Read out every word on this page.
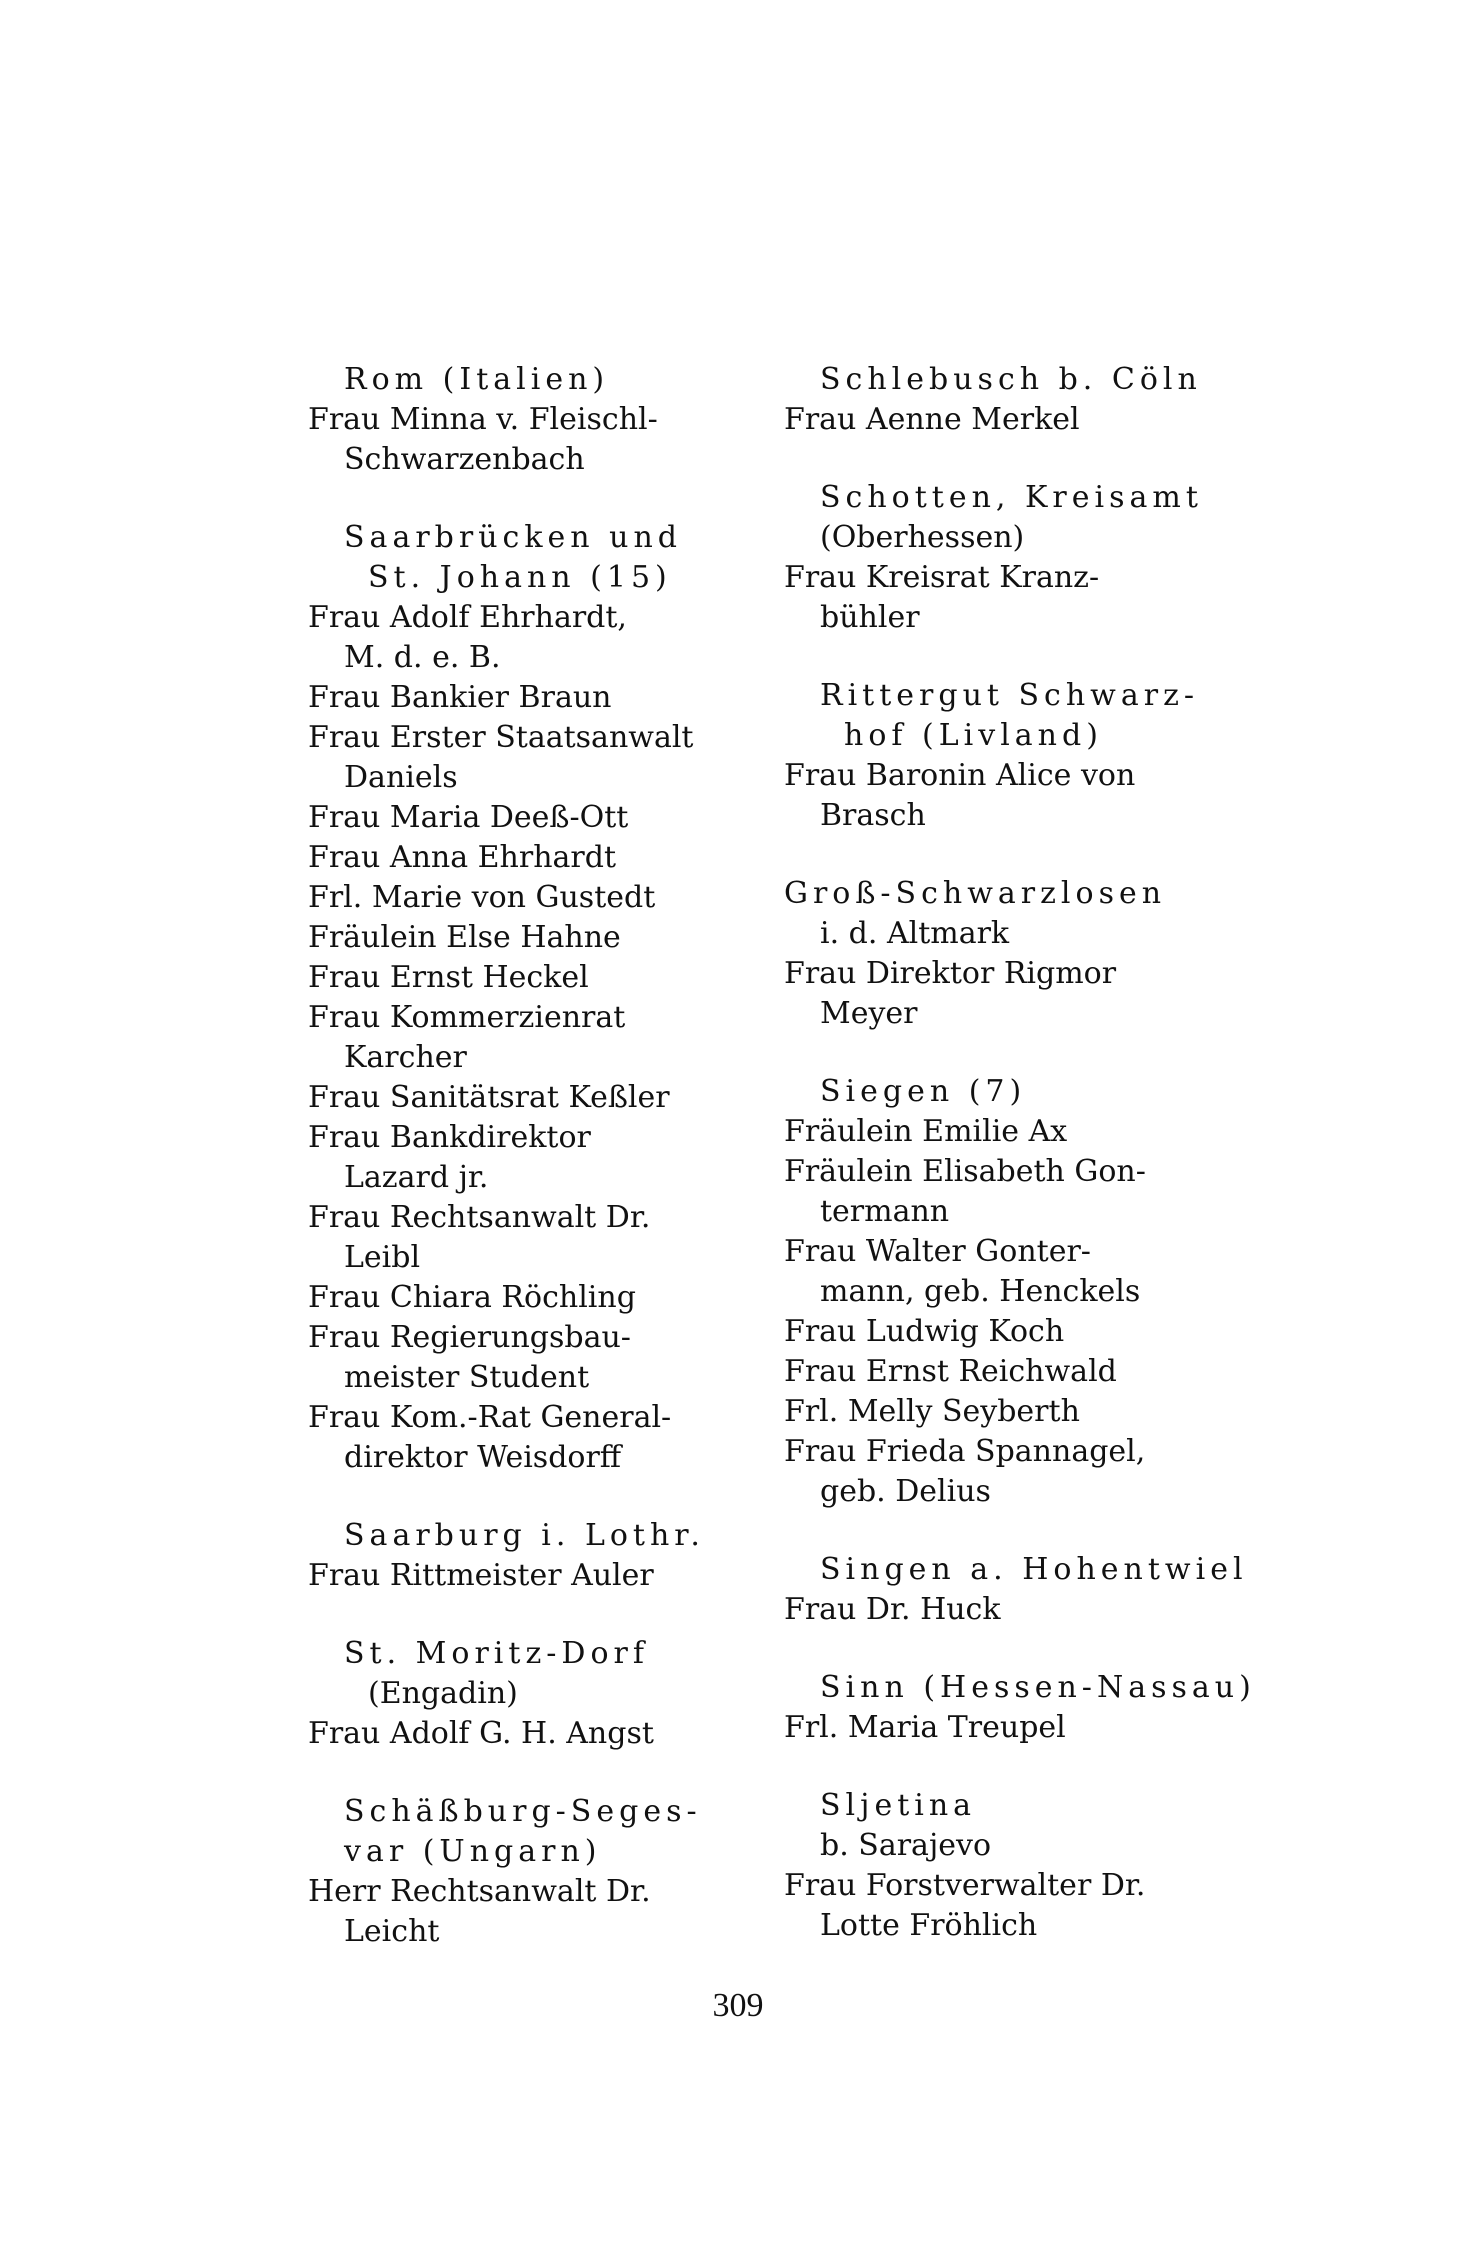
Rom (Italien)
Frau Minna v. Fleischl-
Schwarzenbach
Saarbrücken und
St. Johann (15)
Frau Adolf Ehrhardt,
M. d. e. B.
Frau Bankier Braun
Frau Erster Staatsanwalt
Daniels
Frau Maria Deeß-Ott
Frau Anna Ehrhardt
Frl. Marie von Gustedt
Fräulein Else Hahne
Frau Ernst Heckel
Frau Kommerzienrat
Karcher
Frau Sanitätsrat Keßler
Frau Bankdirektor
Lazard jr.
Frau Rechtsanwalt Dr.
Leibl
Frau Chiara Röchling
Frau Regierungsbau-
meister Student
Frau Kom.-Rat General-
direktor Weisdorff
Saarburg i. Lothr.
Frau Rittmeister Auler
St. Moritz-Dorf
(Engadin)
Frau Adolf G. H. Angst
Schäßburg-Seges-
var (Ungarn)
Herr Rechtsanwalt Dr.
Leicht
Schlebusch b. Cöln
Frau Aenne Merkel
Schotten, Kreisamt
(Oberhessen)
Frau Kreisrat Kranz-
bühler
Rittergut Schwarz-
hof (Livland)
Frau Baronin Alice von
Brasch
Groß-Schwarzlosen
i. d. Altmark
Frau Direktor Rigmor
Meyer
Siegen (7)
Fräulein Emilie Ax
Fräulein Elisabeth Gon-
termann
Frau Walter Gonter-
mann, geb. Henckels
Frau Ludwig Koch
Frau Ernst Reichwald
Frl. Melly Seyberth
Frau Frieda Spannagel,
geb. Delius
Singen a. Hohentwiel
Frau Dr. Huck
Sinn (Hessen-Nassau)
Frl. Maria Treupel
Sljetina
b. Sarajevo
Frau Forstverwalter Dr.
Lotte Fröhlich
309
